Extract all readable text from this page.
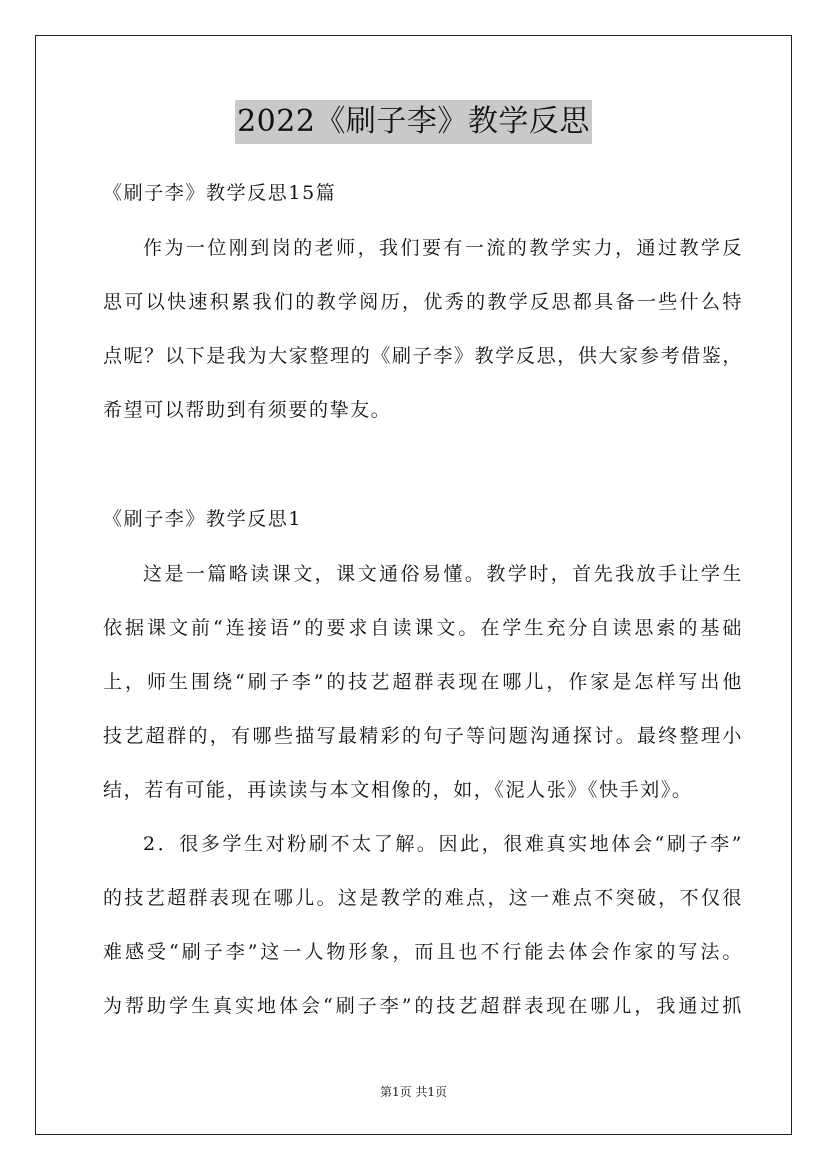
2022《刷子李》教学反思
《刷子李》教学反思15篇
作为一位刚到岗的老师，我们要有一流的教学实力，通过教学反
思可以快速积累我们的教学阅历，优秀的教学反思都具备一些什么特
点呢？以下是我为大家整理的《刷子李》教学反思，供大家参考借鉴，
希望可以帮助到有须要的挚友。
《刷子李》教学反思1
这是一篇略读课文，课文通俗易懂。教学时，首先我放手让学生
依据课文前“连接语”的要求自读课文。在学生充分自读思索的基础
上，师生围绕“刷子李”的技艺超群表现在哪儿，作家是怎样写出他
技艺超群的，有哪些描写最精彩的句子等问题沟通探讨。最终整理小
结，若有可能，再读读与本文相像的，如，《泥人张》《快手刘》。
2．很多学生对粉刷不太了解。因此，很难真实地体会“刷子李”
的技艺超群表现在哪儿。这是教学的难点，这一难点不突破，不仅很
难感受“刷子李”这一人物形象，而且也不行能去体会作家的写法。
为帮助学生真实地体会“刷子李”的技艺超群表现在哪儿，我通过抓
第1页 共1页
